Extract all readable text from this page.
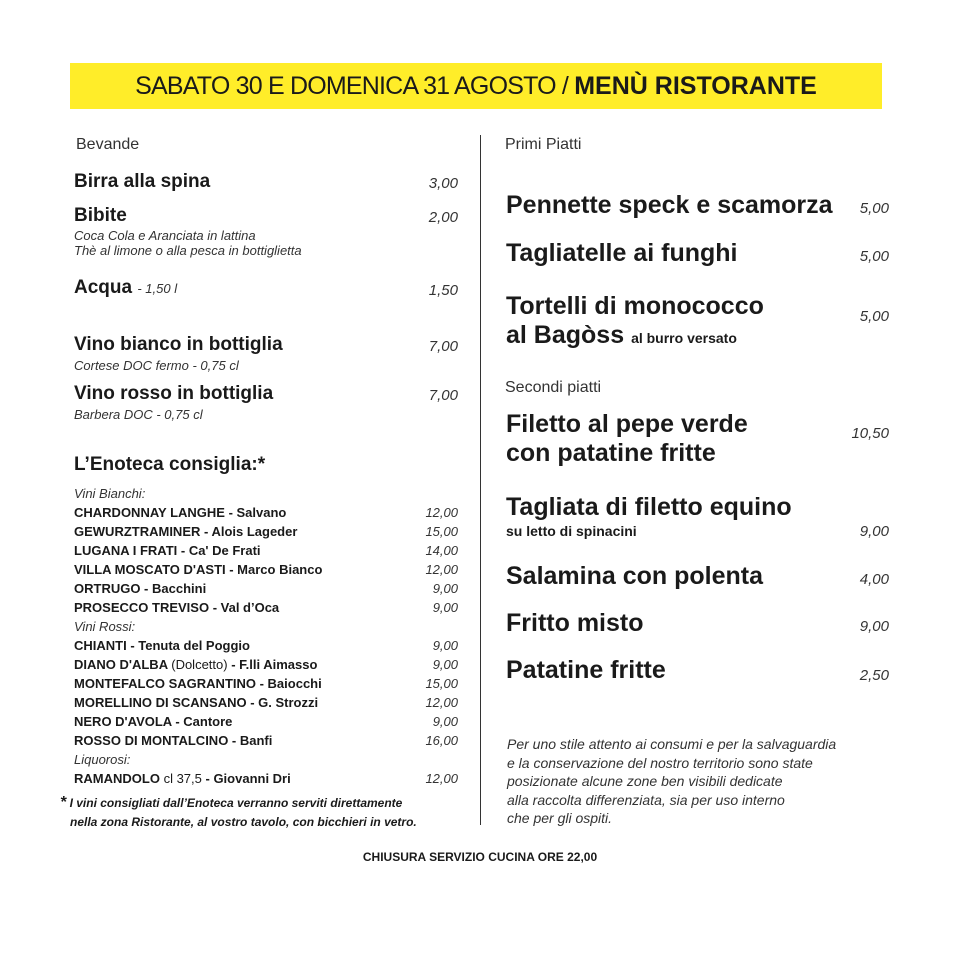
SABATO 30 E DOMENICA 31 AGOSTO / MENÙ RISTORANTE
Bevande
Birra alla spina	3,00
Bibite	2,00
Coca Cola e Aranciata in lattina
Thè al limone o alla pesca in bottiglietta
Acqua - 1,50 l	1,50
Vino bianco in bottiglia	7,00
Cortese DOC fermo - 0,75 cl
Vino rosso in bottiglia	7,00
Barbera DOC - 0,75 cl
L’Enoteca consiglia:*
Vini Bianchi:
CHARDONNAY LANGHE - Salvano	12,00
GEWURZTRAMINER - Alois Lageder	15,00
LUGANA I FRATI - Ca' De Frati	14,00
VILLA MOSCATO D'ASTI - Marco Bianco	12,00
ORTRUGO - Bacchini	9,00
PROSECCO TREVISO - Val d’Oca	9,00
Vini Rossi:
CHIANTI - Tenuta del Poggio	9,00
DIANO D'ALBA (Dolcetto) - F.lli Aimasso	9,00
MONTEFALCO SAGRANTINO - Baiocchi	15,00
MORELLINO DI SCANSANO - G. Strozzi	12,00
NERO D'AVOLA - Cantore	9,00
ROSSO DI MONTALCINO - Banfi	16,00
Liquorosi:
RAMANDOLO cl 37,5 - Giovanni Dri	12,00
* I vini consigliati dall’Enoteca verranno serviti direttamente
nella zona Ristorante, al vostro tavolo, con bicchieri in vetro.
Primi Piatti
Pennette speck e scamorza	5,00
Tagliatelle ai funghi	5,00
Tortelli di monococco
al Bagòss al burro versato
5,00
Secondi piatti
Filetto al pepe verde
con patatine fritte
10,50
Tagliata di filetto equino
su letto di spinacini	9,00
Salamina con polenta	4,00
Fritto misto	9,00
Patatine fritte	2,50
Per uno stile attento ai consumi e per la salvaguardia
e la conservazione del nostro territorio sono state
posizionate alcune zone ben visibili dedicate
alla raccolta differenziata, sia per uso interno
che per gli ospiti.
CHIUSURA SERVIZIO CUCINA ORE 22,00
